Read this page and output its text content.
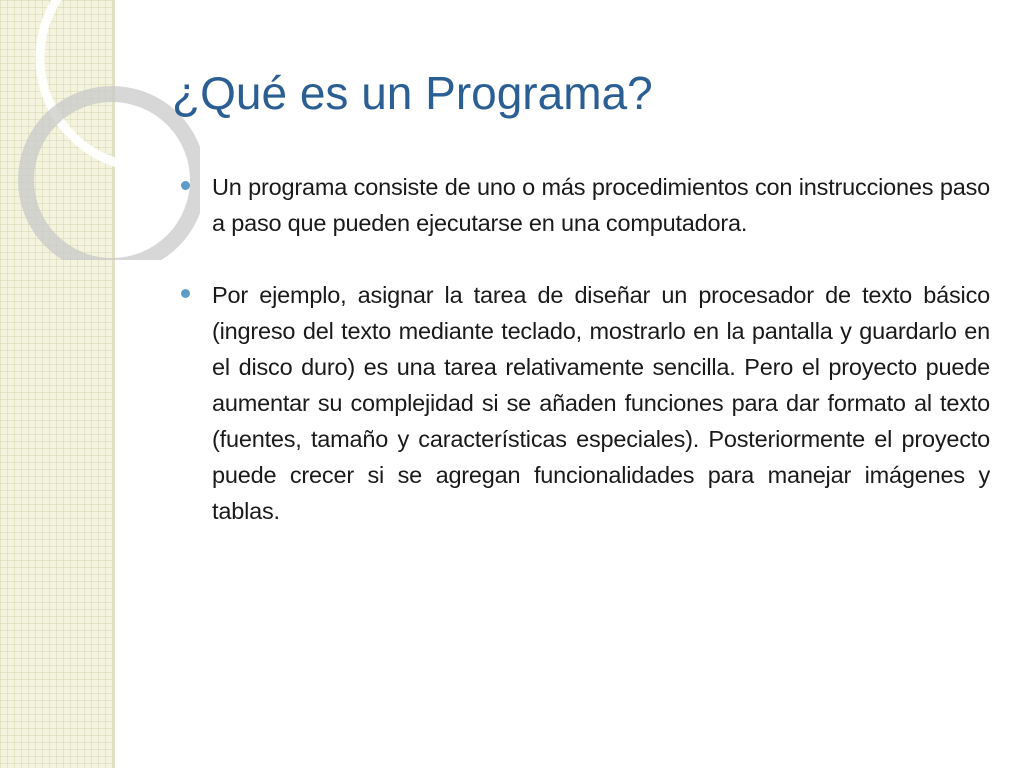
¿Qué es un Programa?

Un programa consiste de uno o más procedimientos con instrucciones paso a paso que pueden ejecutarse en una computadora.

Por ejemplo, asignar la tarea de diseñar un procesador de texto básico (ingreso del texto mediante teclado, mostrarlo en la pantalla y guardarlo en el disco duro) es una tarea relativamente sencilla. Pero el proyecto puede aumentar su complejidad si se añaden funciones para dar formato al texto (fuentes, tamaño y características especiales). Posteriormente el proyecto puede crecer si se agregan funcionalidades para manejar imágenes y tablas.
